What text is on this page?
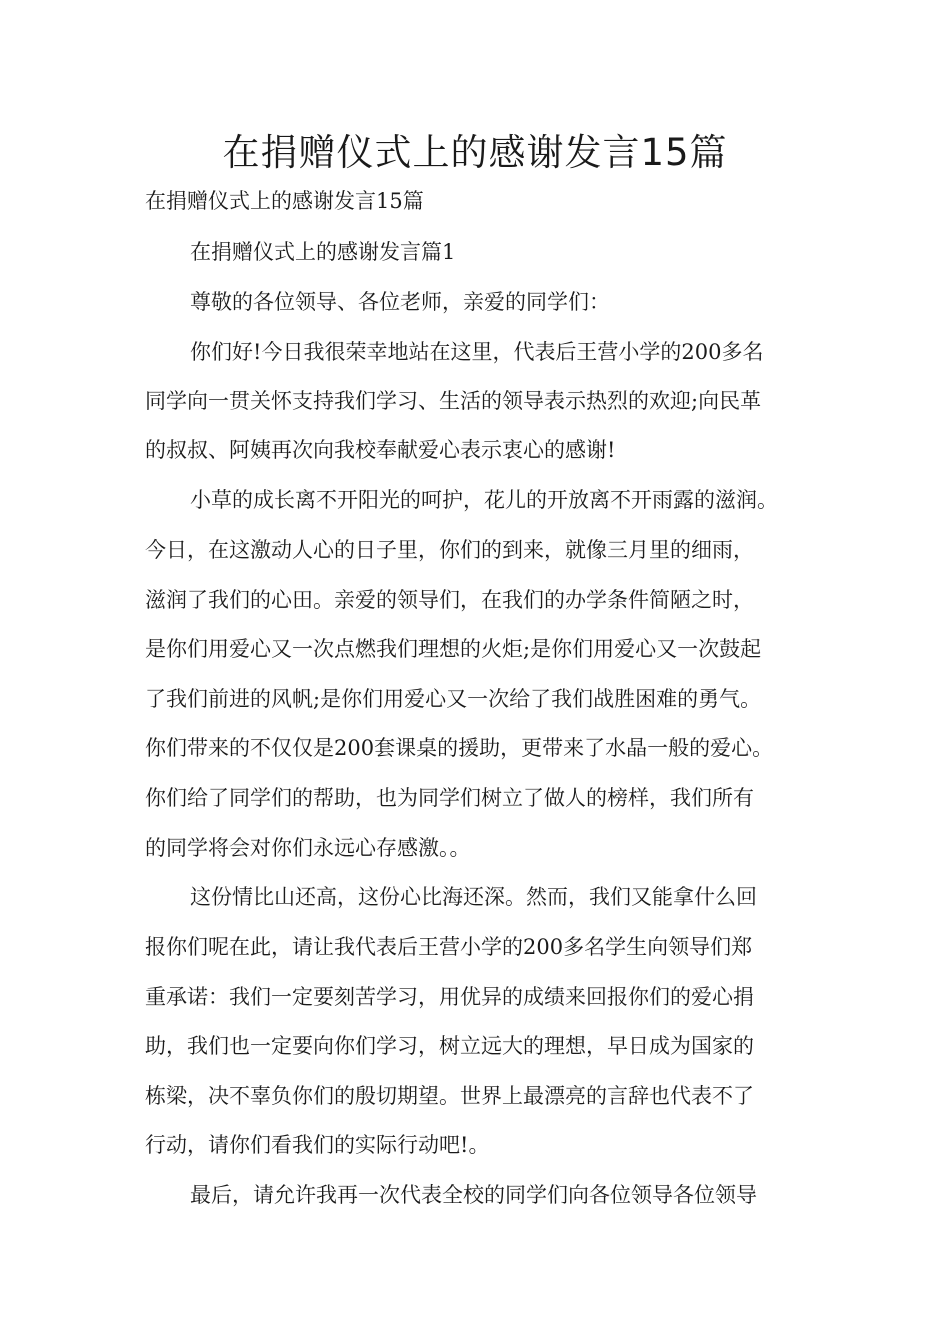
在捐赠仪式上的感谢发言15篇
在捐赠仪式上的感谢发言15篇
在捐赠仪式上的感谢发言篇1
尊敬的各位领导、各位老师，亲爱的同学们：
你们好!今日我很荣幸地站在这里，代表后王营小学的200多名
同学向一贯关怀支持我们学习、生活的领导表示热烈的欢迎;向民革
的叔叔、阿姨再次向我校奉献爱心表示衷心的感谢!
小草的成长离不开阳光的呵护，花儿的开放离不开雨露的滋润。
今日，在这激动人心的日子里，你们的到来，就像三月里的细雨，
滋润了我们的心田。亲爱的领导们，在我们的办学条件简陋之时，
是你们用爱心又一次点燃我们理想的火炬;是你们用爱心又一次鼓起
了我们前进的风帆;是你们用爱心又一次给了我们战胜困难的勇气。
你们带来的不仅仅是200套课桌的援助，更带来了水晶一般的爱心。
你们给了同学们的帮助，也为同学们树立了做人的榜样，我们所有
的同学将会对你们永远心存感激。。
这份情比山还高，这份心比海还深。然而，我们又能拿什么回
报你们呢在此，请让我代表后王营小学的200多名学生向领导们郑
重承诺：我们一定要刻苦学习，用优异的成绩来回报你们的爱心捐
助，我们也一定要向你们学习，树立远大的理想，早日成为国家的
栋梁，决不辜负你们的殷切期望。世界上最漂亮的言辞也代表不了
行动，请你们看我们的实际行动吧!。
最后，请允许我再一次代表全校的同学们向各位领导各位领导
